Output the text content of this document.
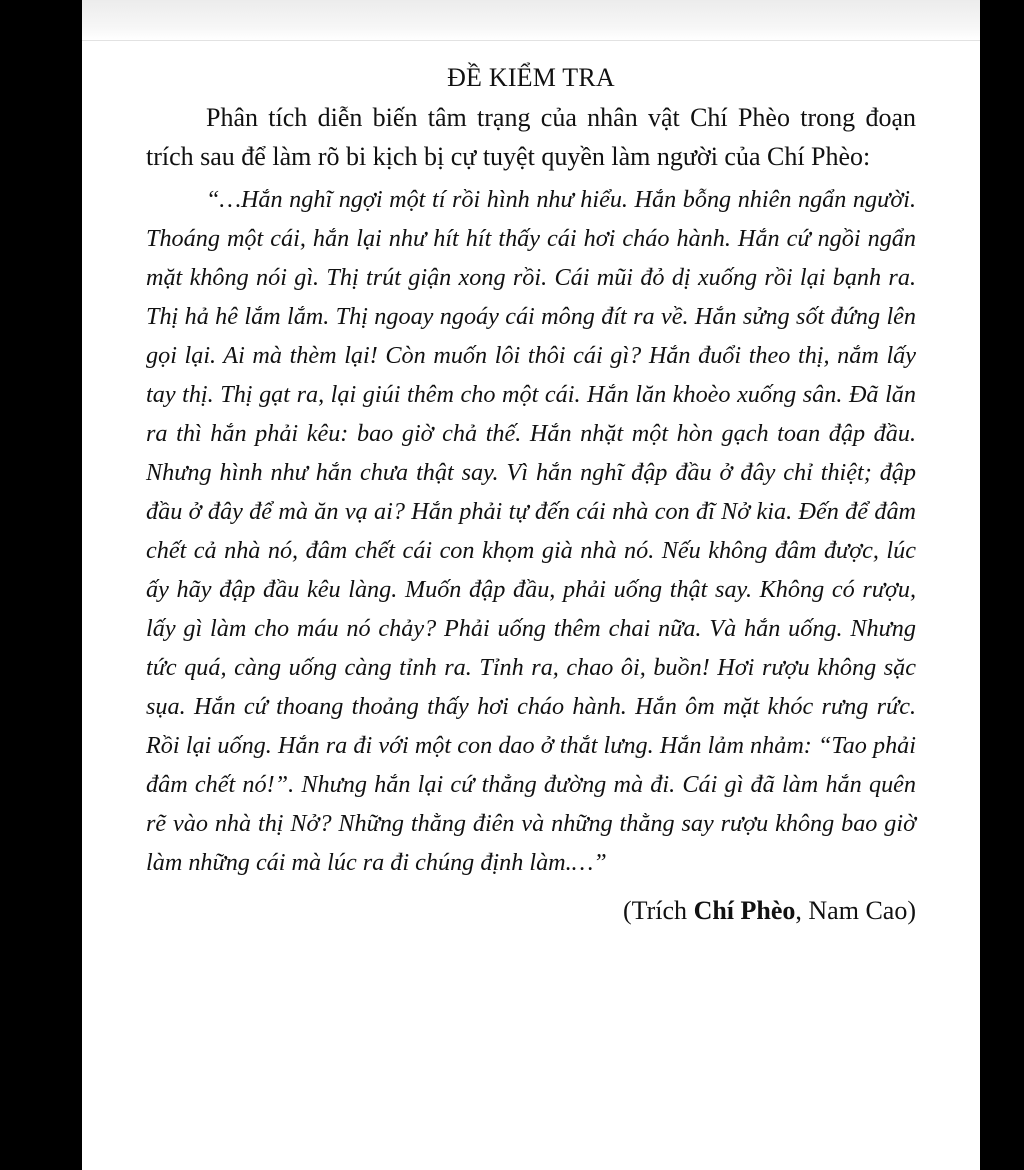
ĐỀ KIỂM TRA

Phân tích diễn biến tâm trạng của nhân vật Chí Phèo trong đoạn trích sau để làm rõ bi kịch bị cự tuyệt quyền làm người của Chí Phèo:

“…Hắn nghĩ ngợi một tí rồi hình như hiểu. Hắn bỗng nhiên ngẩn người. Thoáng một cái, hắn lại như hít hít thấy cái hơi cháo hành. Hắn cứ ngồi ngẩn mặt không nói gì. Thị trút giận xong rồi. Cái mũi đỏ dị xuống rồi lại bạnh ra. Thị hả hê lắm lắm. Thị ngoay ngoáy cái mông đít ra về. Hắn sửng sốt đứng lên gọi lại. Ai mà thèm lại! Còn muốn lôi thôi cái gì? Hắn đuổi theo thị, nắm lấy tay thị. Thị gạt ra, lại giúi thêm cho một cái. Hắn lăn khoèo xuống sân. Đã lăn ra thì hắn phải kêu: bao giờ chả thế. Hắn nhặt một hòn gạch toan đập đầu. Nhưng hình như hắn chưa thật say. Vì hắn nghĩ đập đầu ở đây chỉ thiệt; đập đầu ở đây để mà ăn vạ ai? Hắn phải tự đến cái nhà con đĩ Nở kia. Đến để đâm chết cả nhà nó, đâm chết cái con khọm già nhà nó. Nếu không đâm được, lúc ấy hãy đập đầu kêu làng. Muốn đập đầu, phải uống thật say. Không có rượu, lấy gì làm cho máu nó chảy? Phải uống thêm chai nữa. Và hắn uống. Nhưng tức quá, càng uống càng tỉnh ra. Tỉnh ra, chao ôi, buồn! Hơi rượu không sặc sụa. Hắn cứ thoang thoảng thấy hơi cháo hành. Hắn ôm mặt khóc rưng rức. Rồi lại uống. Hắn ra đi với một con dao ở thắt lưng. Hắn lảm nhảm: “Tao phải đâm chết nó!”. Nhưng hắn lại cứ thẳng đường mà đi. Cái gì đã làm hắn quên rẽ vào nhà thị Nở? Những thằng điên và những thằng say rượu không bao giờ làm những cái mà lúc ra đi chúng định làm.…”

(Trích Chí Phèo, Nam Cao)
